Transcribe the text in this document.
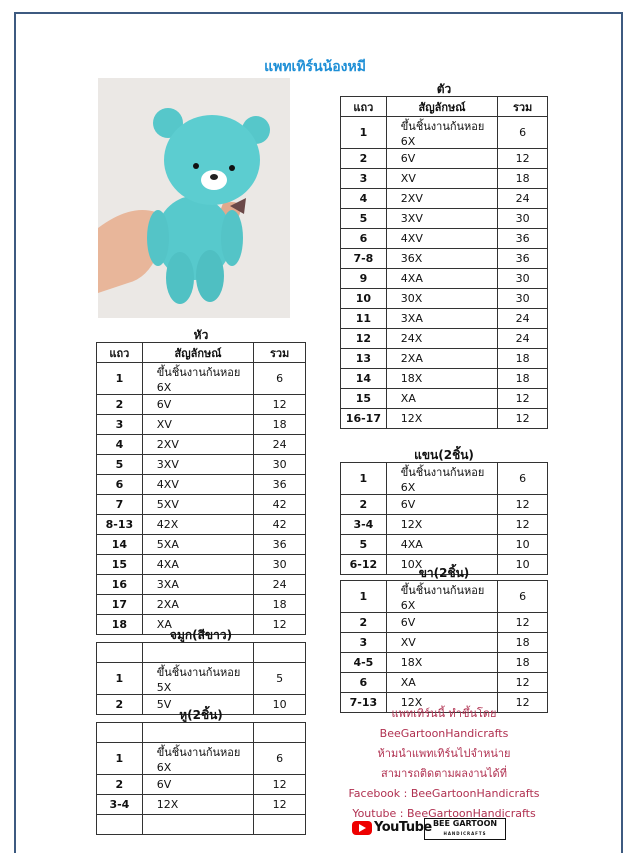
แพทเทิร์นน้องหมี
หัว
แถว	สัญลักษณ์	รวม
1	ขึ้นชิ้นงานก้นหอย 6X	6
2	6V	12
3	XV	18
4	2XV	24
5	3XV	30
6	4XV	36
7	5XV	42
8-13	42X	42
14	5XA	36
15	4XA	30
16	3XA	24
17	2XA	18
18	XA	12
จมูก(สีขาว)

1	ขึ้นชิ้นงานก้นหอย 5X	5
2	5V	10
หู(2ชิ้น)

1	ขึ้นชิ้นงานก้นหอย 6X	6
2	6V	12
3-4	12X	12

ตัว
แถว	สัญลักษณ์	รวม
1	ขึ้นชิ้นงานก้นหอย 6X	6
2	6V	12
3	XV	18
4	2XV	24
5	3XV	30
6	4XV	36
7-8	36X	36
9	4XA	30
10	30X	30
11	3XA	24
12	24X	24
13	2XA	18
14	18X	18
15	XA	12
16-17	12X	12
แขน(2ชิ้น)
1	ขึ้นชิ้นงานก้นหอย 6X	6
2	6V	12
3-4	12X	12
5	4XA	10
6-12	10X	10
ขา(2ชิ้น)
1	ขึ้นชิ้นงานก้นหอย 6X	6
2	6V	12
3	XV	18
4-5	18X	18
6	XA	12
7-13	12X	12
แพทเทิร์นนี้ ทำขึ้นโดย
BeeGartoonHandicrafts
ห้ามนำแพทเทิร์นไปจำหน่าย
สามารถติดตามผลงานได้ที่
Facebook : BeeGartoonHandicrafts
Youtube : BeeGartoonHandicrafts
YouTube BEE GARTOON
HANDICRAFTS
